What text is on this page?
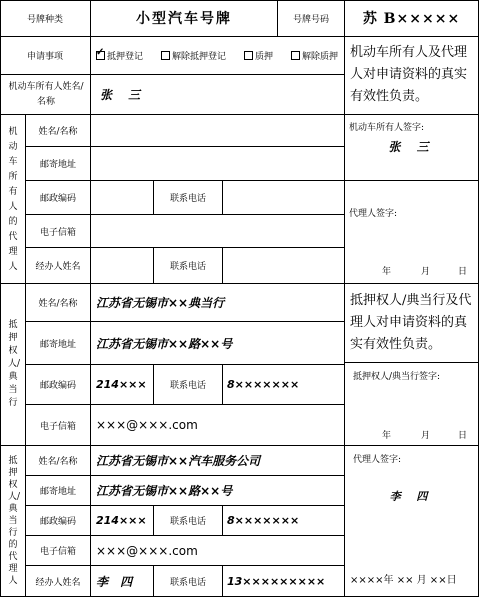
号牌种类	小型汽车号牌	号牌号码	苏 B×××××
申请事项
✓	抵押登记	解除抵押登记	质押	解除质押
机动车所有人姓名/名称	张 三
机动车所有人及代理人对申请资料的真实有效性负责。
机动车所有人的代理人
姓名/名称
邮寄地址
邮政编码	联系电话
电子信箱
经办人姓名	联系电话
机动车所有人签字:
张 三
代理人签字:
年	月	日
抵押权人/典当行
姓名/名称	江苏省无锡市××典当行
邮寄地址	江苏省无锡市××路××号
邮政编码	214×××	联系电话	8×××××××
电子信箱	×××@×××.com
抵押权人/典当行及代理人对申请资料的真实有效性负责。
抵押权人/典当行签字:
年	月	日
抵押权人/典当行的代理人
姓名/名称	江苏省无锡市××汽车服务公司
邮寄地址	江苏省无锡市××路××号
邮政编码	214×××	联系电话	8×××××××
电子信箱	×××@×××.com
经办人姓名	李 四	联系电话	13×××××××××
代理人签字:
李 四
××××年 ×× 月 ××日
